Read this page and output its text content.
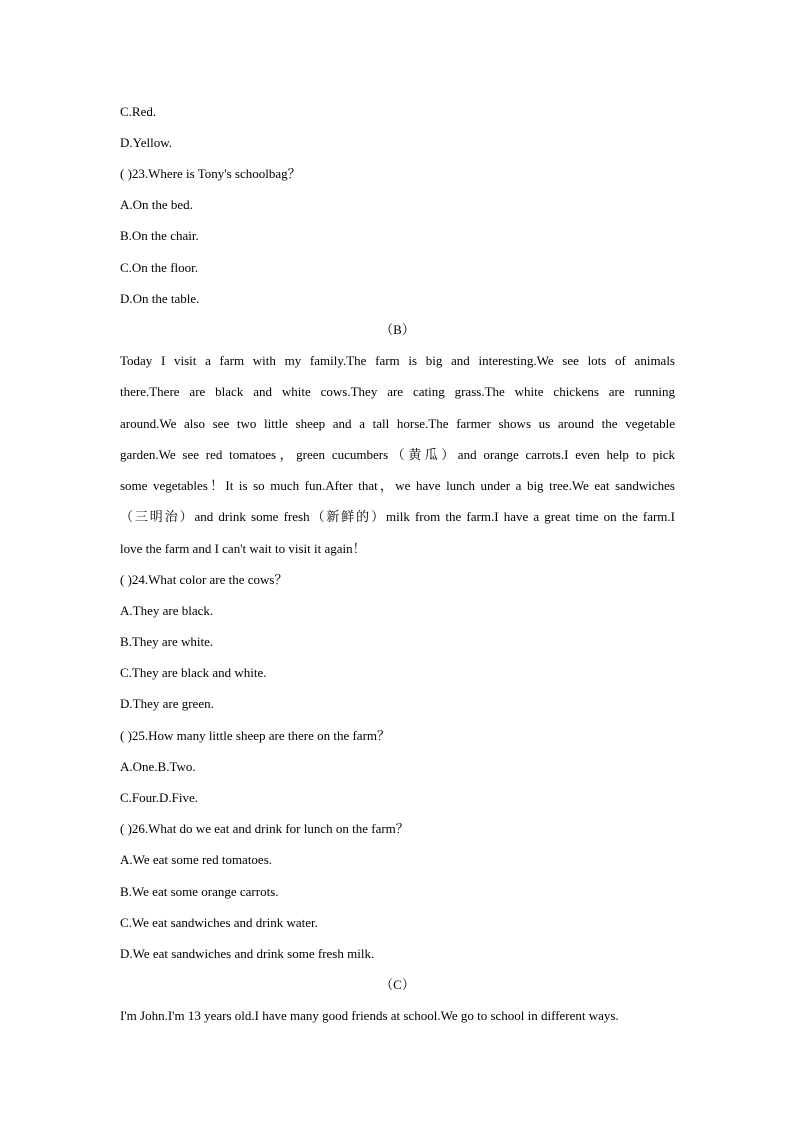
C.Red.
D.Yellow.
( )23.Where is Tony's schoolbag？
A.On the bed.
B.On the chair.
C.On the floor.
D.On the table.
（B）
Today I visit a farm with my family.The farm is big and interesting.We see lots of animals
there.There are black and white cows.They are cating grass.The white chickens are running
around.We also see two little sheep and a tall horse.The farmer shows us around the vegetable
garden.We see red tomatoes，green cucumbers（黄瓜）and orange carrots.I even help to pick
some vegetables！It is so much fun.After that，we have lunch under a big tree.We eat sandwiches
（三明治）and drink some fresh（新鲜的）milk from the farm.I have a great time on the farm.I
love the farm and I can't wait to visit it again！
( )24.What color are the cows？
A.They are black.
B.They are white.
C.They are black and white.
D.They are green.
( )25.How many little sheep are there on the farm？
A.One.B.Two.
C.Four.D.Five.
( )26.What do we eat and drink for lunch on the farm？
A.We eat some red tomatoes.
B.We eat some orange carrots.
C.We eat sandwiches and drink water.
D.We eat sandwiches and drink some fresh milk.
（C）
I'm John.I'm 13 years old.I have many good friends at school.We go to school in different ways.
